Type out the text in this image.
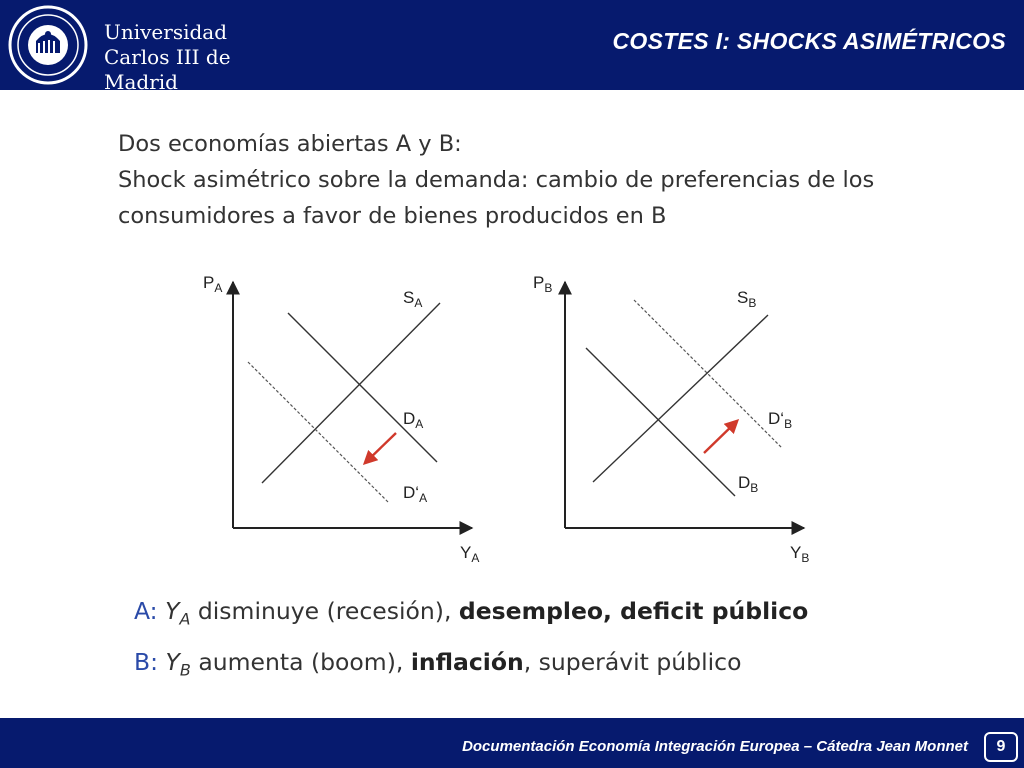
Universidad
Carlos III de Madrid
COSTES I: SHOCKS ASIMÉTRICOS
Dos economías abiertas A y B:
Shock asimétrico sobre la demanda: cambio de preferencias de los
consumidores a favor de bienes producidos en B
$P_A$
$Y_A$
$S_A$
$D_A$
$D‘_A$
$P_B$
$Y_B$
$S_B$
$D‘_B$
$D_B$
A: $Y_A$ disminuye (recesión), desempleo, deficit público
B: $Y_B$ aumenta (boom), inflación, superávit público
Documentación Economía Integración Europea – Cátedra Jean Monnet	9
